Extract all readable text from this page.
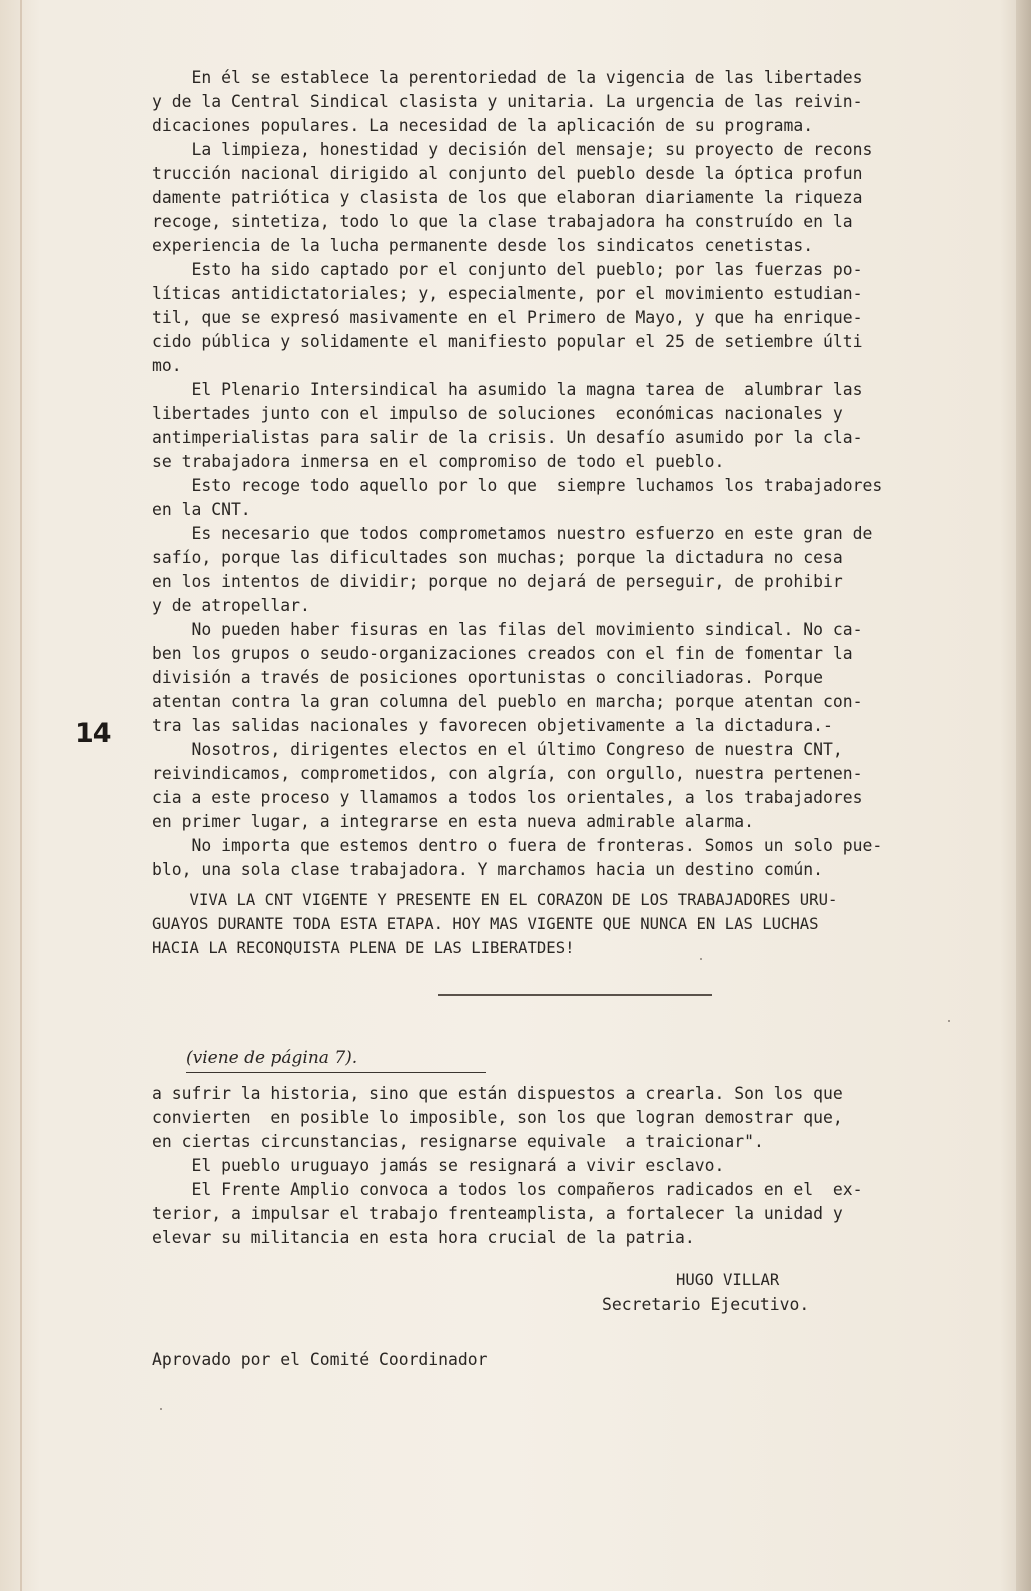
14
En él se establece la perentoriedad de la vigencia de las libertades
y de la Central Sindical clasista y unitaria. La urgencia de las reivin-
dicaciones populares. La necesidad de la aplicación de su programa.
La limpieza, honestidad y decisión del mensaje; su proyecto de recons
trucción nacional dirigido al conjunto del pueblo desde la óptica profun
damente patriótica y clasista de los que elaboran diariamente la riqueza
recoge, sintetiza, todo lo que la clase trabajadora ha construído en la
experiencia de la lucha permanente desde los sindicatos cenetistas.
Esto ha sido captado por el conjunto del pueblo; por las fuerzas po-
líticas antidictatoriales; y, especialmente, por el movimiento estudian-
til, que se expresó masivamente en el Primero de Mayo, y que ha enrique-
cido pública y solidamente el manifiesto popular el 25 de setiembre últi
mo.
El Plenario Intersindical ha asumido la magna tarea de  alumbrar las
libertades junto con el impulso de soluciones  económicas nacionales y
antimperialistas para salir de la crisis. Un desafío asumido por la cla-
se trabajadora inmersa en el compromiso de todo el pueblo.
Esto recoge todo aquello por lo que  siempre luchamos los trabajadores
en la CNT.
Es necesario que todos comprometamos nuestro esfuerzo en este gran de
safío, porque las dificultades son muchas; porque la dictadura no cesa
en los intentos de dividir; porque no dejará de perseguir, de prohibir
y de atropellar.
No pueden haber fisuras en las filas del movimiento sindical. No ca-
ben los grupos o seudo-organizaciones creados con el fin de fomentar la
división a través de posiciones oportunistas o conciliadoras. Porque
atentan contra la gran columna del pueblo en marcha; porque atentan con-
tra las salidas nacionales y favorecen objetivamente a la dictadura.-
Nosotros, dirigentes electos en el último Congreso de nuestra CNT,
reivindicamos, comprometidos, con algría, con orgullo, nuestra pertenen-
cia a este proceso y llamamos a todos los orientales, a los trabajadores
en primer lugar, a integrarse en esta nueva admirable alarma.
No importa que estemos dentro o fuera de fronteras. Somos un solo pue-
blo, una sola clase trabajadora. Y marchamos hacia un destino común.
VIVA LA CNT VIGENTE Y PRESENTE EN EL CORAZON DE LOS TRABAJADORES URU-
GUAYOS DURANTE TODA ESTA ETAPA. HOY MAS VIGENTE QUE NUNCA EN LAS LUCHAS
HACIA LA RECONQUISTA PLENA DE LAS LIBERATDES!

(viene de página 7).

a sufrir la historia, sino que están dispuestos a crearla. Son los que
convierten  en posible lo imposible, son los que logran demostrar que,
en ciertas circunstancias, resignarse equivale  a traicionar".
El pueblo uruguayo jamás se resignará a vivir esclavo.
El Frente Amplio convoca a todos los compañeros radicados en el  ex-
terior, a impulsar el trabajo frenteamplista, a fortalecer la unidad y
elevar su militancia en esta hora crucial de la patria.
HUGO VILLAR
Secretario Ejecutivo.
Aprovado por el Comité Coordinador
